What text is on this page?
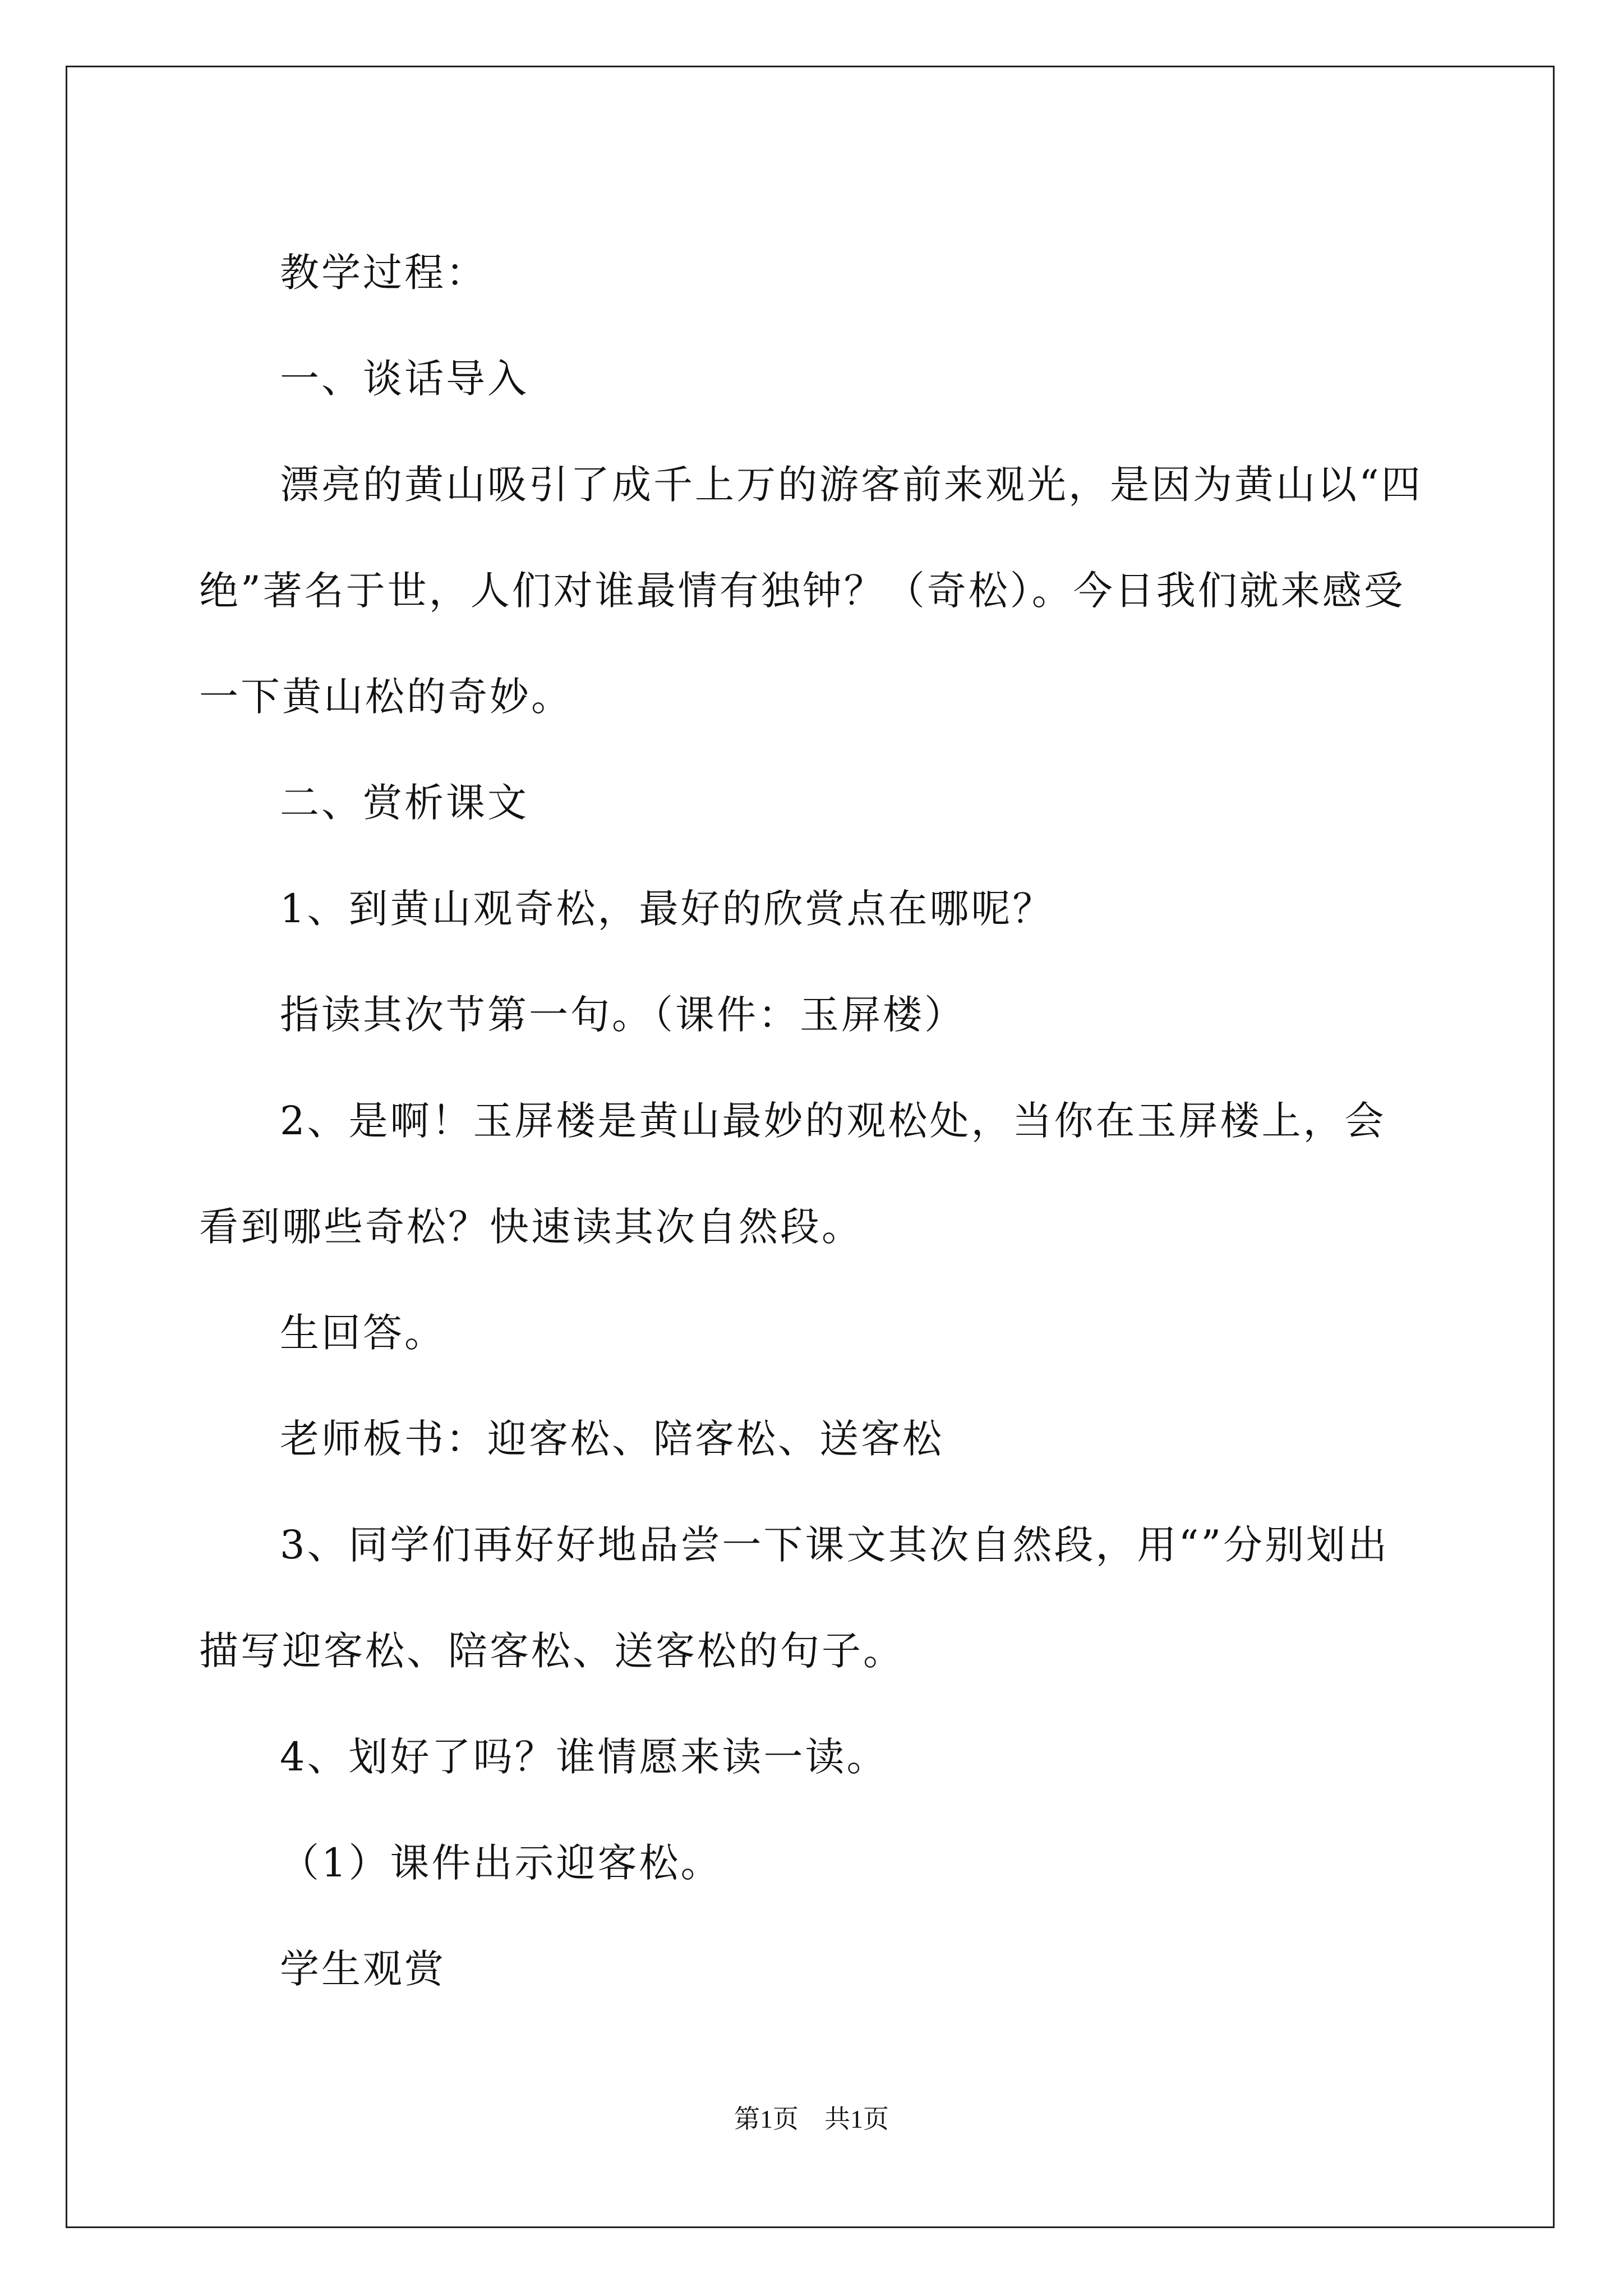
教学过程：

一、谈话导入

漂亮的黄山吸引了成千上万的游客前来观光，是因为黄山以“四绝”著名于世，人们对谁最情有独钟？（奇松）。今日我们就来感受一下黄山松的奇妙。

二、赏析课文

1、到黄山观奇松，最好的欣赏点在哪呢？

指读其次节第一句。（课件：玉屏楼）

2、是啊！玉屏楼是黄山最妙的观松处，当你在玉屏楼上，会看到哪些奇松？快速读其次自然段。

生回答。

老师板书：迎客松、陪客松、送客松

3、同学们再好好地品尝一下课文其次自然段，用“”分别划出描写迎客松、陪客松、送客松的句子。

4、划好了吗？谁情愿来读一读。

（1）课件出示迎客松。

学生观赏

第1页 共1页
